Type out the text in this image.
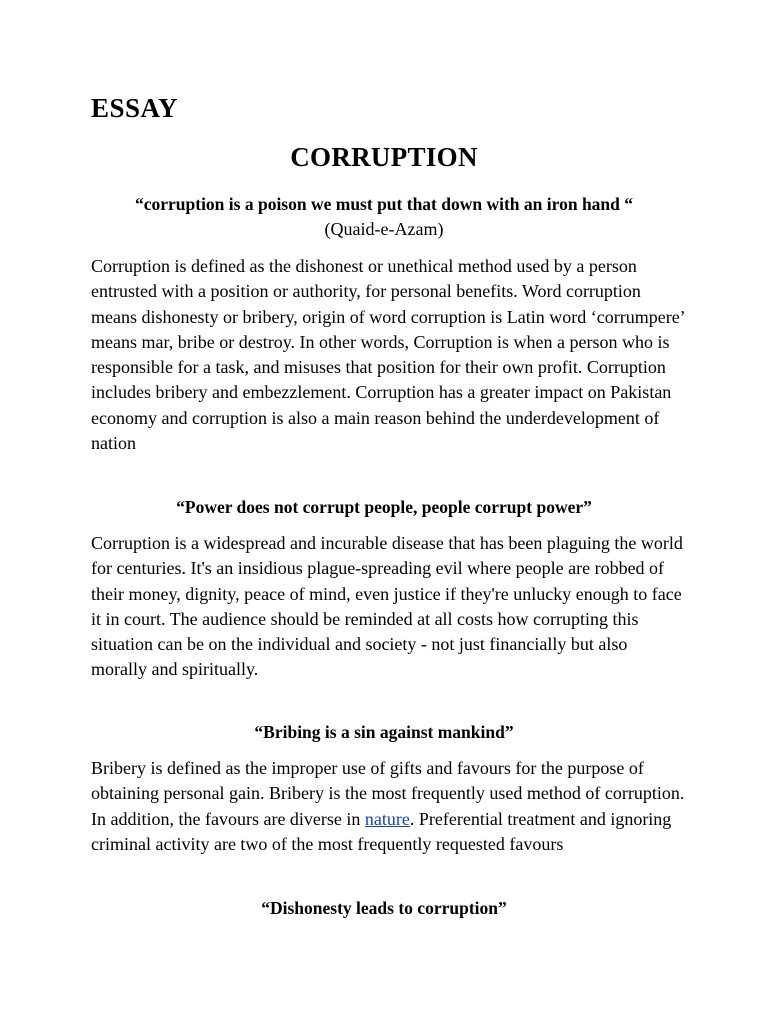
ESSAY
CORRUPTION

“corruption is a poison we must put that down with an iron hand “

(Quaid-e-Azam)

Corruption is defined as the dishonest or unethical method used by a person entrusted with a position or authority, for personal benefits. Word corruption means dishonesty or bribery, origin of word corruption is Latin word ‘corrumpere’ means mar, bribe or destroy. In other words, Corruption is when a person who is responsible for a task, and misuses that position for their own profit. Corruption includes bribery and embezzlement. Corruption has a greater impact on Pakistan economy and corruption is also a main reason behind the underdevelopment of nation

“Power does not corrupt people, people corrupt power”

Corruption is a widespread and incurable disease that has been plaguing the world for centuries. It's an insidious plague-spreading evil where people are robbed of their money, dignity, peace of mind, even justice if they're unlucky enough to face it in court. The audience should be reminded at all costs how corrupting this situation can be on the individual and society - not just financially but also morally and spiritually.

“Bribing is a sin against mankind”

Bribery is defined as the improper use of gifts and favours for the purpose of obtaining personal gain. Bribery is the most frequently used method of corruption. In addition, the favours are diverse in nature. Preferential treatment and ignoring criminal activity are two of the most frequently requested favours

“Dishonesty leads to corruption”
